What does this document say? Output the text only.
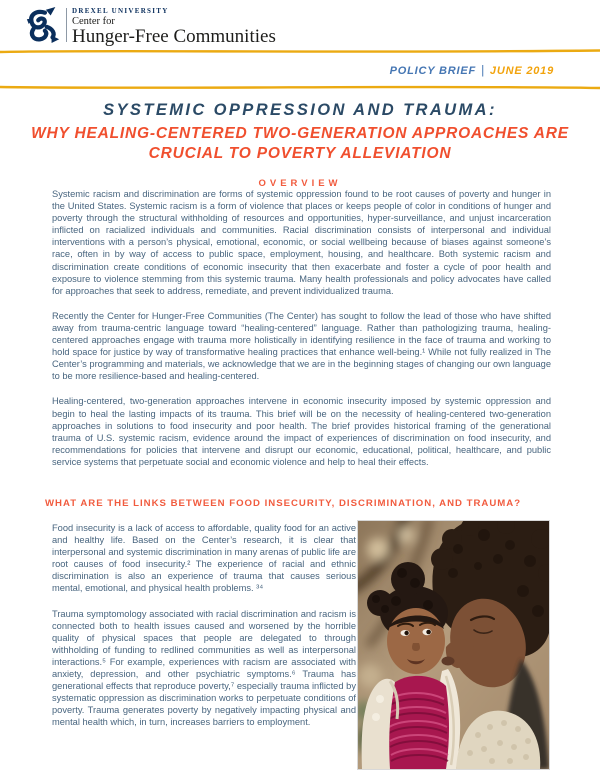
DREXEL UNIVERSITY
Center for
Hunger-Free Communities
POLICY BRIEF | JUNE 2019
SYSTEMIC OPPRESSION AND TRAUMA:
WHY HEALING-CENTERED TWO-GENERATION APPROACHES ARE CRUCIAL TO POVERTY ALLEVIATION
OVERVIEW

Systemic racism and discrimination are forms of systemic oppression found to be root causes of poverty and hunger in the United States. Systemic racism is a form of violence that places or keeps people of color in conditions of hunger and poverty through the structural withholding of resources and opportunities, hyper-surveillance, and unjust incarceration inflicted on racialized individuals and communities. Racial discrimination consists of interpersonal and individual interventions with a person’s physical, emotional, economic, or social wellbeing because of biases against someone’s race, often in by way of access to public space, employment, housing, and healthcare. Both systemic racism and discrimination create conditions of economic insecurity that then exacerbate and foster a cycle of poor health and exposure to violence stemming from this systemic trauma. Many health professionals and policy advocates have called for approaches that seek to address, remediate, and prevent individualized trauma.

Recently the Center for Hunger-Free Communities (The Center) has sought to follow the lead of those who have shifted away from trauma-centric language toward “healing-centered” language. Rather than pathologizing trauma, healing-centered approaches engage with trauma more holistically in identifying resilience in the face of trauma and working to hold space for justice by way of transformative healing practices that enhance well-being.¹ While not fully realized in The Center’s programming and materials, we acknowledge that we are in the beginning stages of changing our own language to be more resilience-based and healing-centered.

Healing-centered, two-generation approaches intervene in economic insecurity imposed by systemic oppression and begin to heal the lasting impacts of its trauma. This brief will be on the necessity of healing-centered two-generation approaches in solutions to food insecurity and poor health. The brief provides historical framing of the generational trauma of U.S. systemic racism, evidence around the impact of experiences of discrimination on food insecurity, and recommendations for policies that intervene and disrupt our economic, educational, political, healthcare, and public service systems that perpetuate social and economic violence and help to heal their effects.

WHAT ARE THE LINKS BETWEEN FOOD INSECURITY, DISCRIMINATION, AND TRAUMA?

Food insecurity is a lack of access to affordable, quality food for an active and healthy life. Based on the Center’s research, it is clear that interpersonal and systemic discrimination in many arenas of public life are root causes of food insecurity.² The experience of racial and ethnic discrimination is also an experience of trauma that causes serious mental, emotional, and physical health problems. ³⁴

Trauma symptomology associated with racial discrimination and racism is connected both to health issues caused and worsened by the horrible quality of physical spaces that people are delegated to through withholding of funding to redlined communities as well as interpersonal interactions.⁵ For example, experiences with racism are associated with anxiety, depression, and other psychiatric symptoms.⁶ Trauma has generational effects that reproduce poverty,⁷ especially trauma inflicted by systematic oppression as discrimination works to perpetuate conditions of poverty. Trauma generates poverty by negatively impacting physical and mental health which, in turn, increases barriers to employment.
